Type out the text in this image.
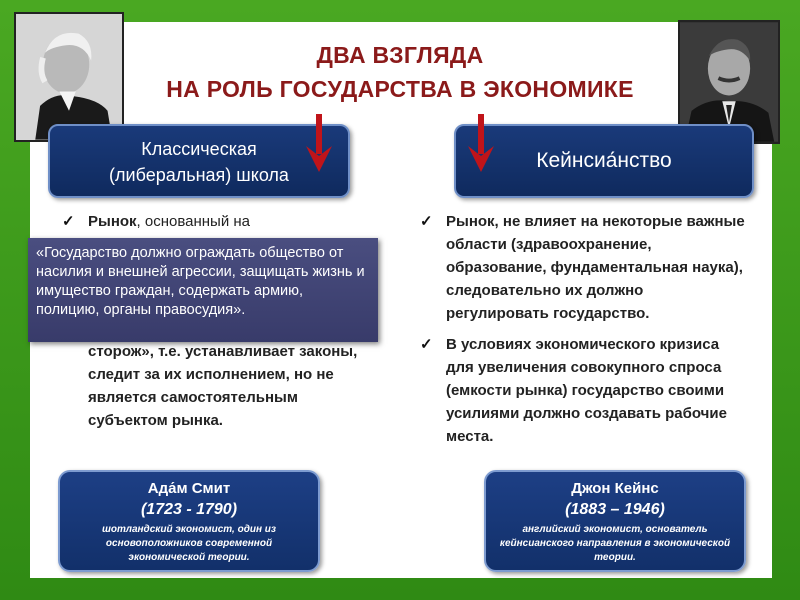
ДВА ВЗГЛЯДА
НА РОЛЬ ГОСУДАРСТВА В ЭКОНОМИКЕ
Классическая
(либеральная) школа
Кейнсиа́нство
✓ Рынок, основанный на
сторож», т.е. устанавливает законы, следит за их исполнением, но не является самостоятельным субъектом рынка.
«Государство должно ограждать общество от насилия и внешней агрессии, защищать жизнь и имущество граждан, содержать армию, полицию, органы правосудия».
✓ Рынок, не влияет на некоторые важные области (здравоохранение, образование, фундаментальная наука), следовательно их должно регулировать государство.
✓ В условиях экономического кризиса для увеличения совокупного спроса (емкости рынка) государство своими усилиями должно создавать рабочие места.
Ада́м Смит
(1723 - 1790)
шотландский экономист, один из основоположников современной экономической теории.
Джон Кейнс
(1883 – 1946)
английский экономист, основатель кейнсианского направления в экономической теории.
